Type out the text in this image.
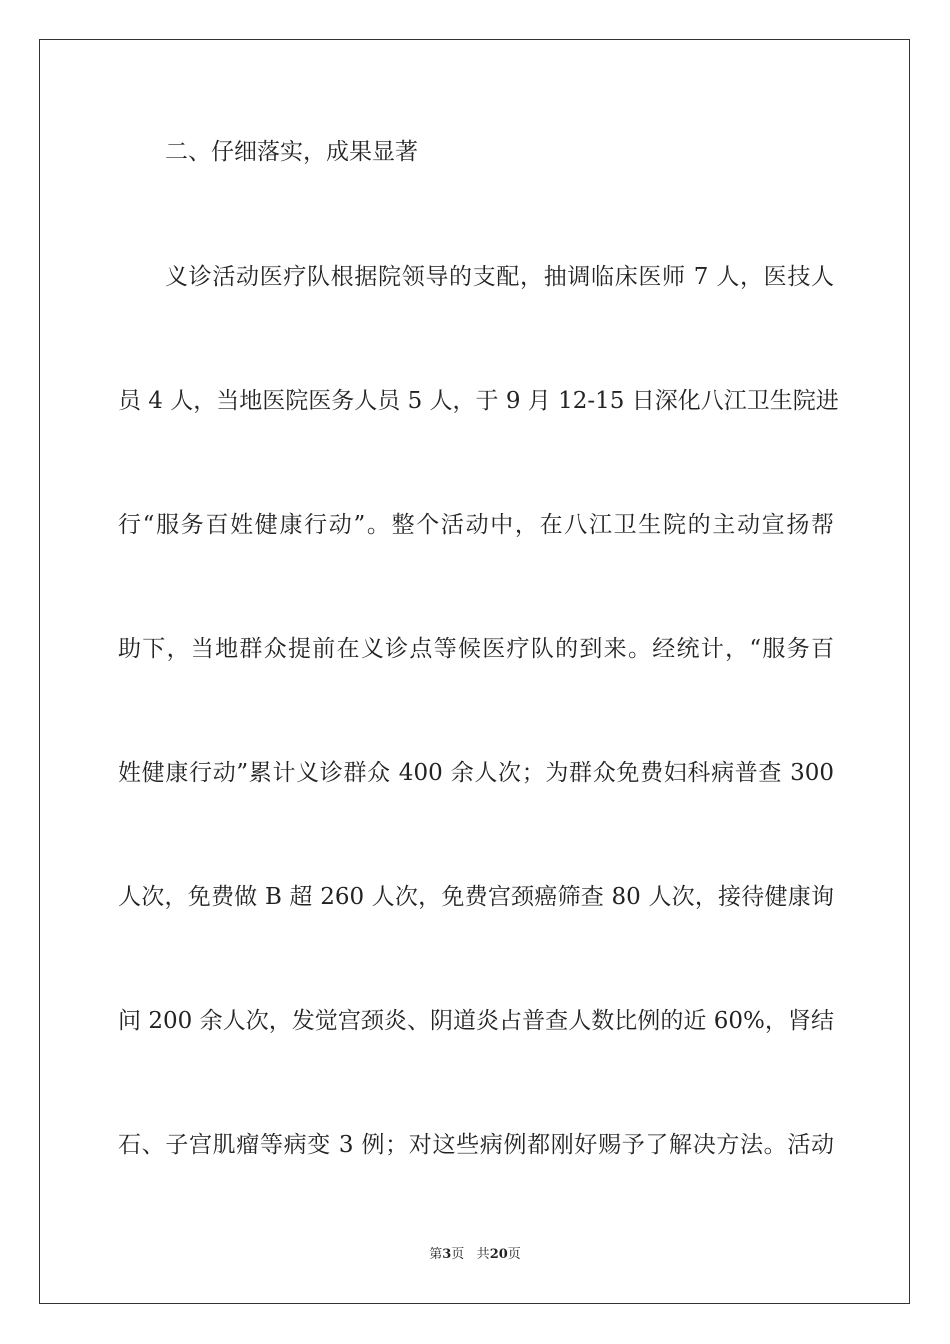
二、仔细落实，成果显著
义诊活动医疗队根据院领导的支配，抽调临床医师 7 人，医技人
员 4 人，当地医院医务人员 5 人，于 9 月 12-15 日深化八江卫生院进
行“服务百姓健康行动”。整个活动中，在八江卫生院的主动宣扬帮
助下，当地群众提前在义诊点等候医疗队的到来。经统计，“服务百
姓健康行动”累计义诊群众 400 余人次；为群众免费妇科病普查 300
人次，免费做 B 超 260 人次，免费宫颈癌筛查 80 人次，接待健康询
问 200 余人次，发觉宫颈炎、阴道炎占普查人数比例的近 60%，肾结
石、子宫肌瘤等病变 3 例；对这些病例都刚好赐予了解决方法。活动
第3页 共20页
